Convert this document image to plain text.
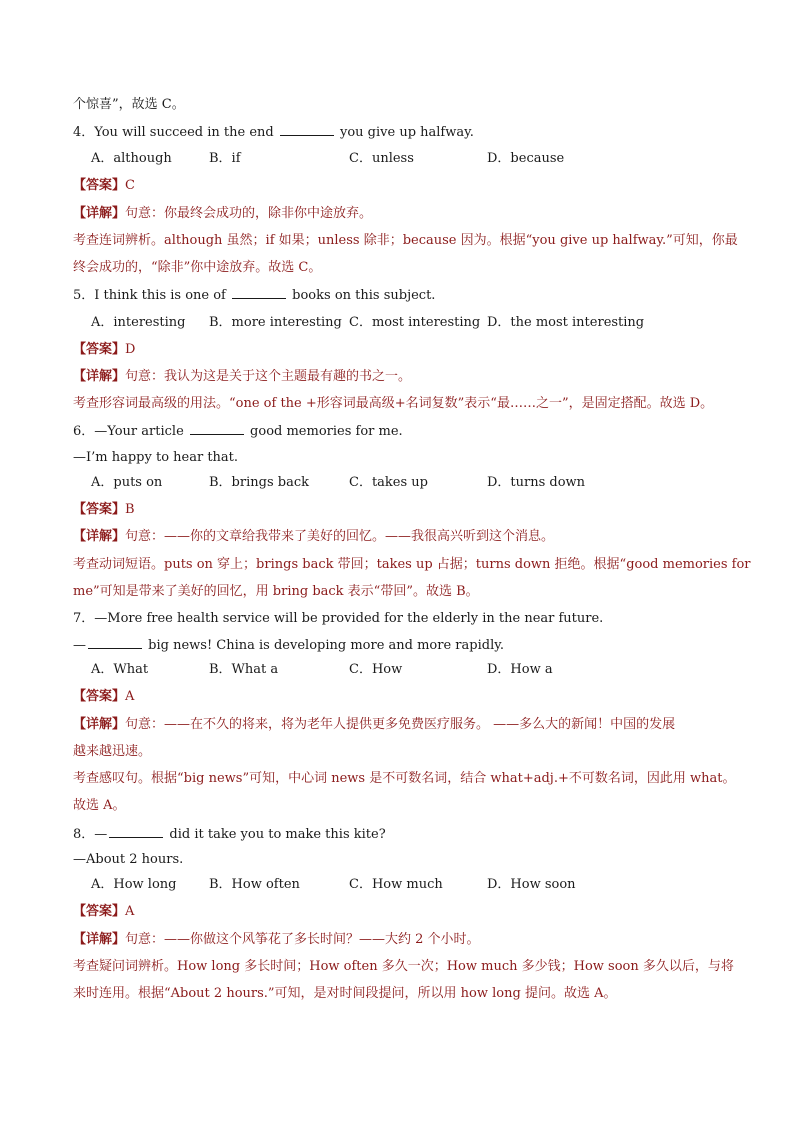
个惊喜”，故选 C。
4．You will succeed in the end	you give up halfway.
A．although	B．if	C．unless	D．because
【答案】C
【详解】句意：你最终会成功的，除非你中途放弃。
考查连词辨析。although 虽然；if 如果；unless 除非；because 因为。根据“you give up halfway.”可知，你最
终会成功的，“除非”你中途放弃。故选 C。
5．I think this is one of	books on this subject.
A．interesting B．more interesting C．most interesting D．the most interesting
【答案】D
【详解】句意：我认为这是关于这个主题最有趣的书之一。
考查形容词最高级的用法。“one of the +形容词最高级+名词复数”表示“最……之一”，是固定搭配。故选 D。
6．—Your article	good memories for me.
—I’m happy to hear that.
A．puts on	B．brings back	C．takes up	D．turns down
【答案】B
【详解】句意：——你的文章给我带来了美好的回忆。——我很高兴听到这个消息。
考查动词短语。puts on 穿上；brings back 带回；takes up 占据；turns down 拒绝。根据“good memories for
me”可知是带来了美好的回忆，用 bring back 表示“带回”。故选 B。
7．—More free health service will be provided for the elderly in the near future.
—	big news! China is developing more and more rapidly.
A．What	B．What a	C．How	D．How a
【答案】A
【详解】句意：——在不久的将来，将为老年人提供更多免费医疗服务。 ——多么大的新闻！中国的发展
越来越迅速。
考查感叹句。根据“big news”可知，中心词 news 是不可数名词，结合 what+adj.+不可数名词，因此用 what。
故选 A。
8．—	did it take you to make this kite?
—About 2 hours.
A．How long	B．How often	C．How much	D．How soon
【答案】A
【详解】句意：——你做这个风筝花了多长时间？——大约 2 个小时。
考查疑问词辨析。How long 多长时间；How often 多久一次；How much 多少钱；How soon 多久以后，与将
来时连用。根据“About 2 hours.”可知，是对时间段提问，所以用 how long 提问。故选 A。
